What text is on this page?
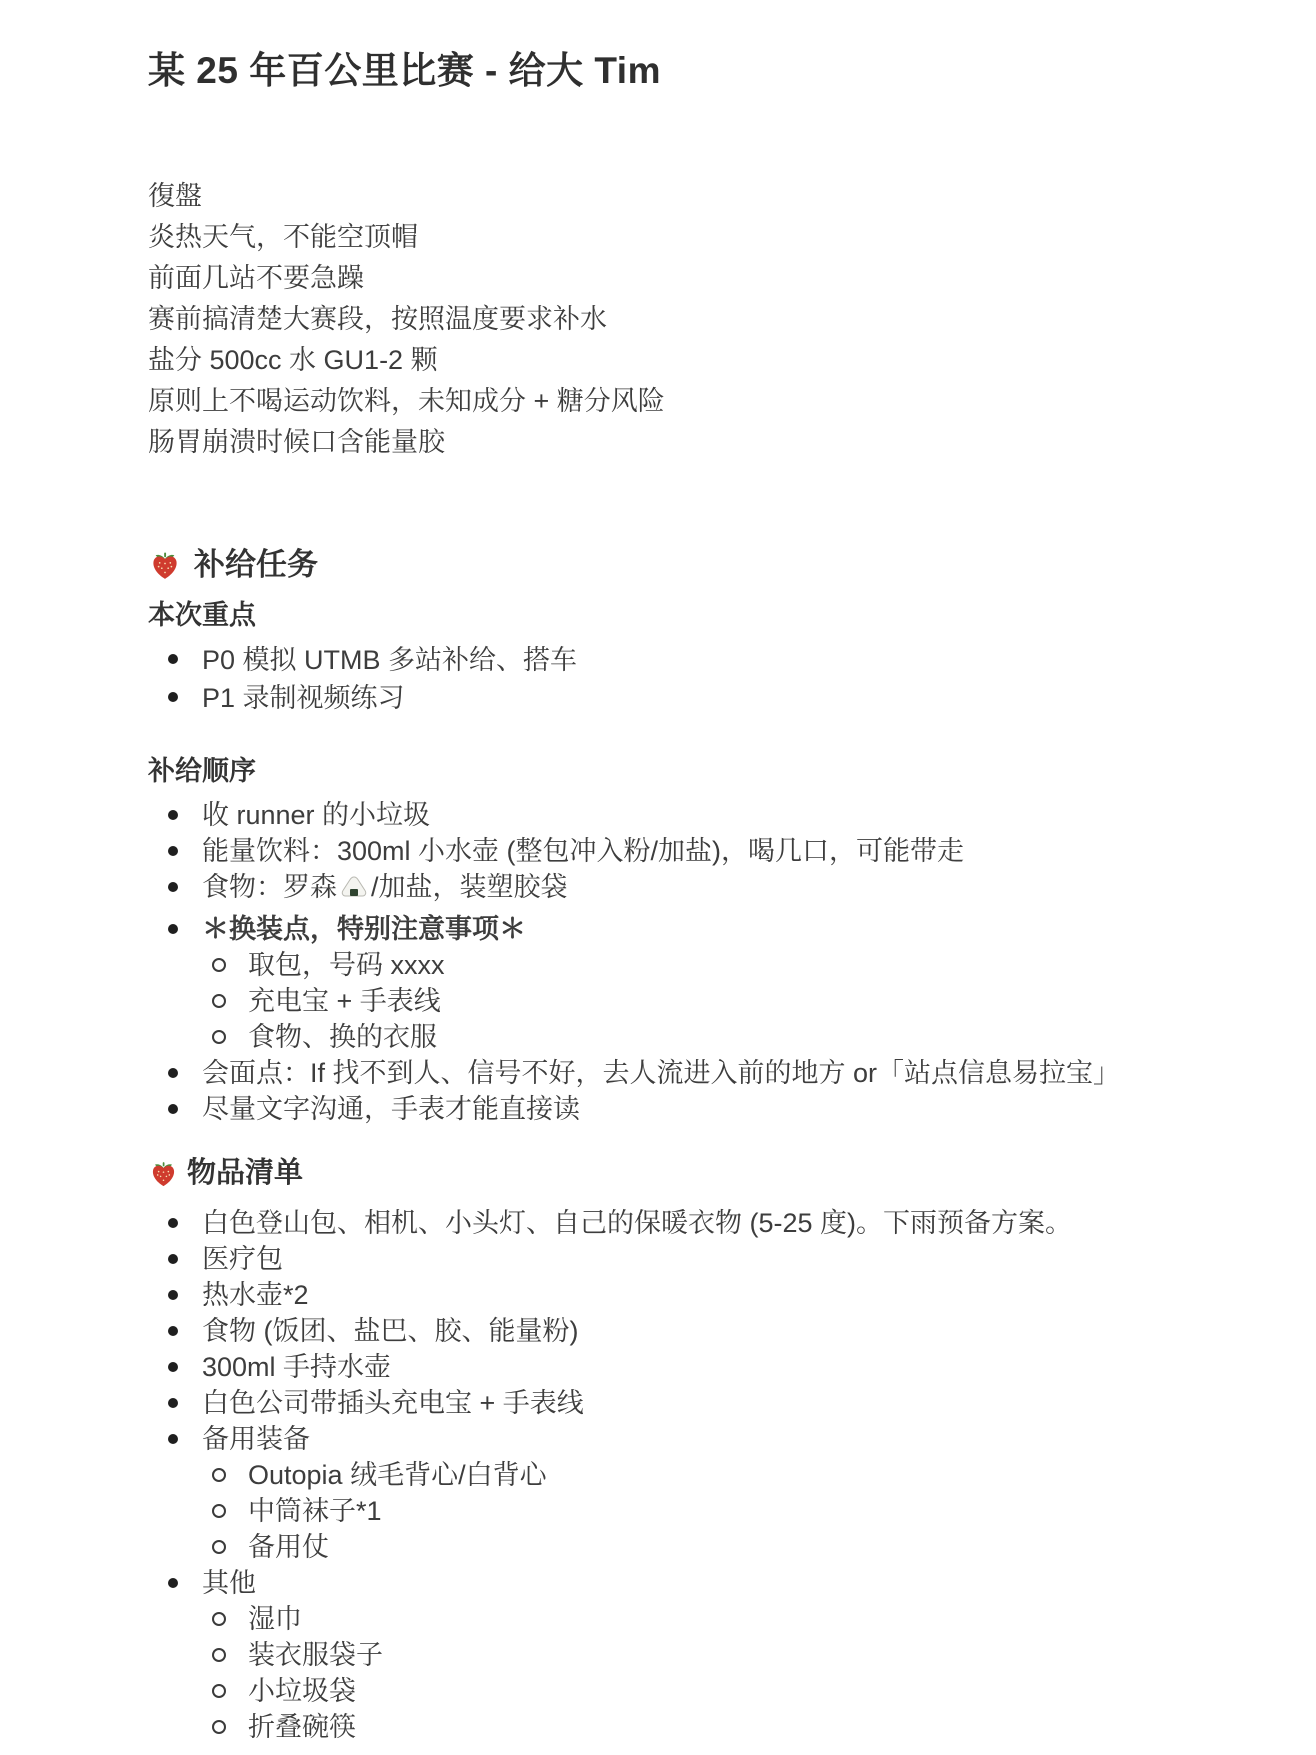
某 25 年百公里比赛 - 给大 Tim

復盤

炎热天气，不能空顶帽

前面几站不要急躁

赛前搞清楚大赛段，按照温度要求补水

盐分 500cc 水 GU1-2 颗

原则上不喝运动饮料，未知成分 + 糖分风险

肠胃崩溃时候口含能量胶

补给任务
本次重点
P0 模拟 UTMB 多站补给、搭车
P1 录制视频练习
补给顺序
收 runner 的小垃圾
能量饮料：300ml 小水壶 (整包冲入粉/加盐)，喝几口，可能带走
食物：罗森 /加盐，装塑胶袋
＊换装点，特别注意事项＊
取包，号码 xxxx
充电宝 + 手表线
食物、换的衣服
会面点：If 找不到人、信号不好，去人流进入前的地方 or「站点信息易拉宝」
尽量文字沟通，手表才能直接读
物品清单
白色登山包、相机、小头灯、自己的保暖衣物 (5-25 度)。下雨预备方案。
医疗包
热水壶*2
食物 (饭团、盐巴、胶、能量粉)
300ml 手持水壶
白色公司带插头充电宝 + 手表线
备用装备
Outopia 绒毛背心/白背心
中筒袜子*1
备用仗
其他
湿巾
装衣服袋子
小垃圾袋
折叠碗筷
